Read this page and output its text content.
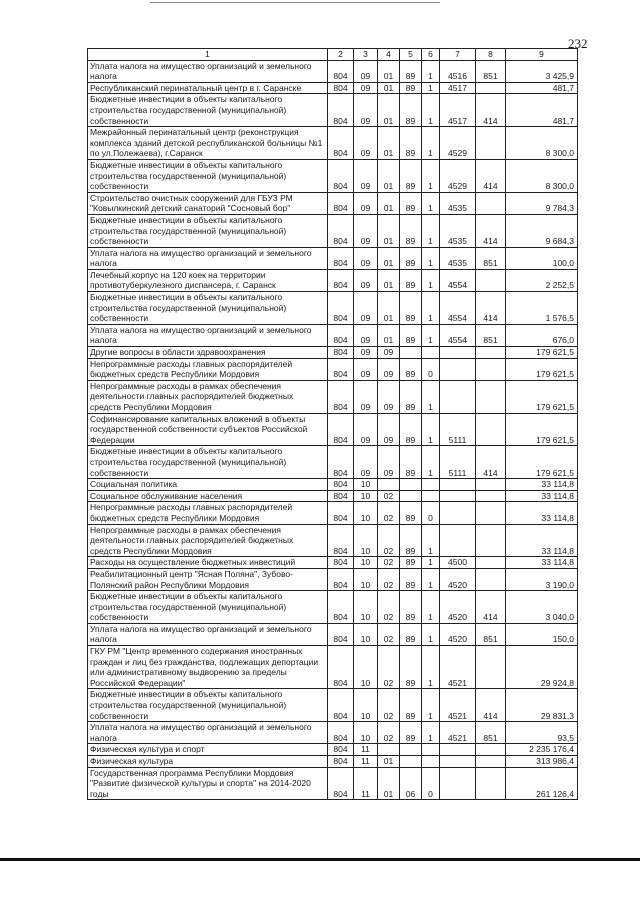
232
1	2	3	4	5	6	7	8	9
Уплата налога на имущество организаций и земельного налога	804	09	01	89	1	4516	851	3 425,9
Республиканский перинатальный центр в г. Саранске	804	09	01	89	1	4517		481,7
Бюджетные инвестиции в объекты капитального строительства государственной (муниципальной) собственности	804	09	01	89	1	4517	414	481,7
Межрайонный перинатальный центр (реконструкция комплекса зданий детской республиканской больницы №1 по ул.Полежаева), г.Саранск	804	09	01	89	1	4529		8 300,0
Бюджетные инвестиции в объекты капитального строительства государственной (муниципальной) собственности	804	09	01	89	1	4529	414	8 300,0
Строительство очистных сооружений для ГБУЗ РМ "Ковылкинский детский санаторий "Сосновый бор"	804	09	01	89	1	4535		9 784,3
Бюджетные инвестиции в объекты капитального строительства государственной (муниципальной) собственности	804	09	01	89	1	4535	414	9 684,3
Уплата налога на имущество организаций и земельного налога	804	09	01	89	1	4535	851	100,0
Лечебный корпус на 120 коек на территории противотуберкулезного диспансера, г. Саранск	804	09	01	89	1	4554		2 252,5
Бюджетные инвестиции в объекты капитального строительства государственной (муниципальной) собственности	804	09	01	89	1	4554	414	1 576,5
Уплата налога на имущество организаций и земельного налога	804	09	01	89	1	4554	851	676,0
Другие вопросы в области здравоохранения	804	09	09					179 621,5
Непрограммные расходы главных распорядителей бюджетных средств Республики Мордовия	804	09	09	89	0			179 621,5
Непрограммные расходы в рамках обеспечения деятельности главных распорядителей бюджетных средств Республики Мордовия	804	09	09	89	1			179 621,5
Софинансирование капитальных вложений в объекты государственной собственности субъектов Российской Федерации	804	09	09	89	1	5111		179 621,5
Бюджетные инвестиции в объекты капитального строительства государственной (муниципальной) собственности	804	09	09	89	1	5111	414	179 621,5
Социальная политика	804	10						33 114,8
Социальное обслуживание населения	804	10	02					33 114,8
Непрограммные расходы главных распорядителей бюджетных средств Республики Мордовия	804	10	02	89	0			33 114,8
Непрограммные расходы в рамках обеспечения деятельности главных распорядителей бюджетных средств Республики Мордовия	804	10	02	89	1			33 114,8
Расходы на осуществление бюджетных инвестиций	804	10	02	89	1	4500		33 114,8
Реабилитационный центр "Ясная Поляна", Зубово-Полянский район Республики Мордовия	804	10	02	89	1	4520		3 190,0
Бюджетные инвестиции в объекты капитального строительства государственной (муниципальной) собственности	804	10	02	89	1	4520	414	3 040,0
Уплата налога на имущество организаций и земельного налога	804	10	02	89	1	4520	851	150,0
ГКУ РМ "Центр временного содержания иностранных граждан и лиц без гражданства, подлежащих депортации или административному выдворению за пределы Российской Федерации"	804	10	02	89	1	4521		29 924,8
Бюджетные инвестиции в объекты капитального строительства государственной (муниципальной) собственности	804	10	02	89	1	4521	414	29 831,3
Уплата налога на имущество организаций и земельного налога	804	10	02	89	1	4521	851	93,5
Физическая культура и спорт	804	11						2 235 176,4
Физическая культура	804	11	01					313 986,4
Государственная программа Республики Мордовия "Развитие физической культуры и спорта" на 2014-2020 годы	804	11	01	06	0			261 126,4
